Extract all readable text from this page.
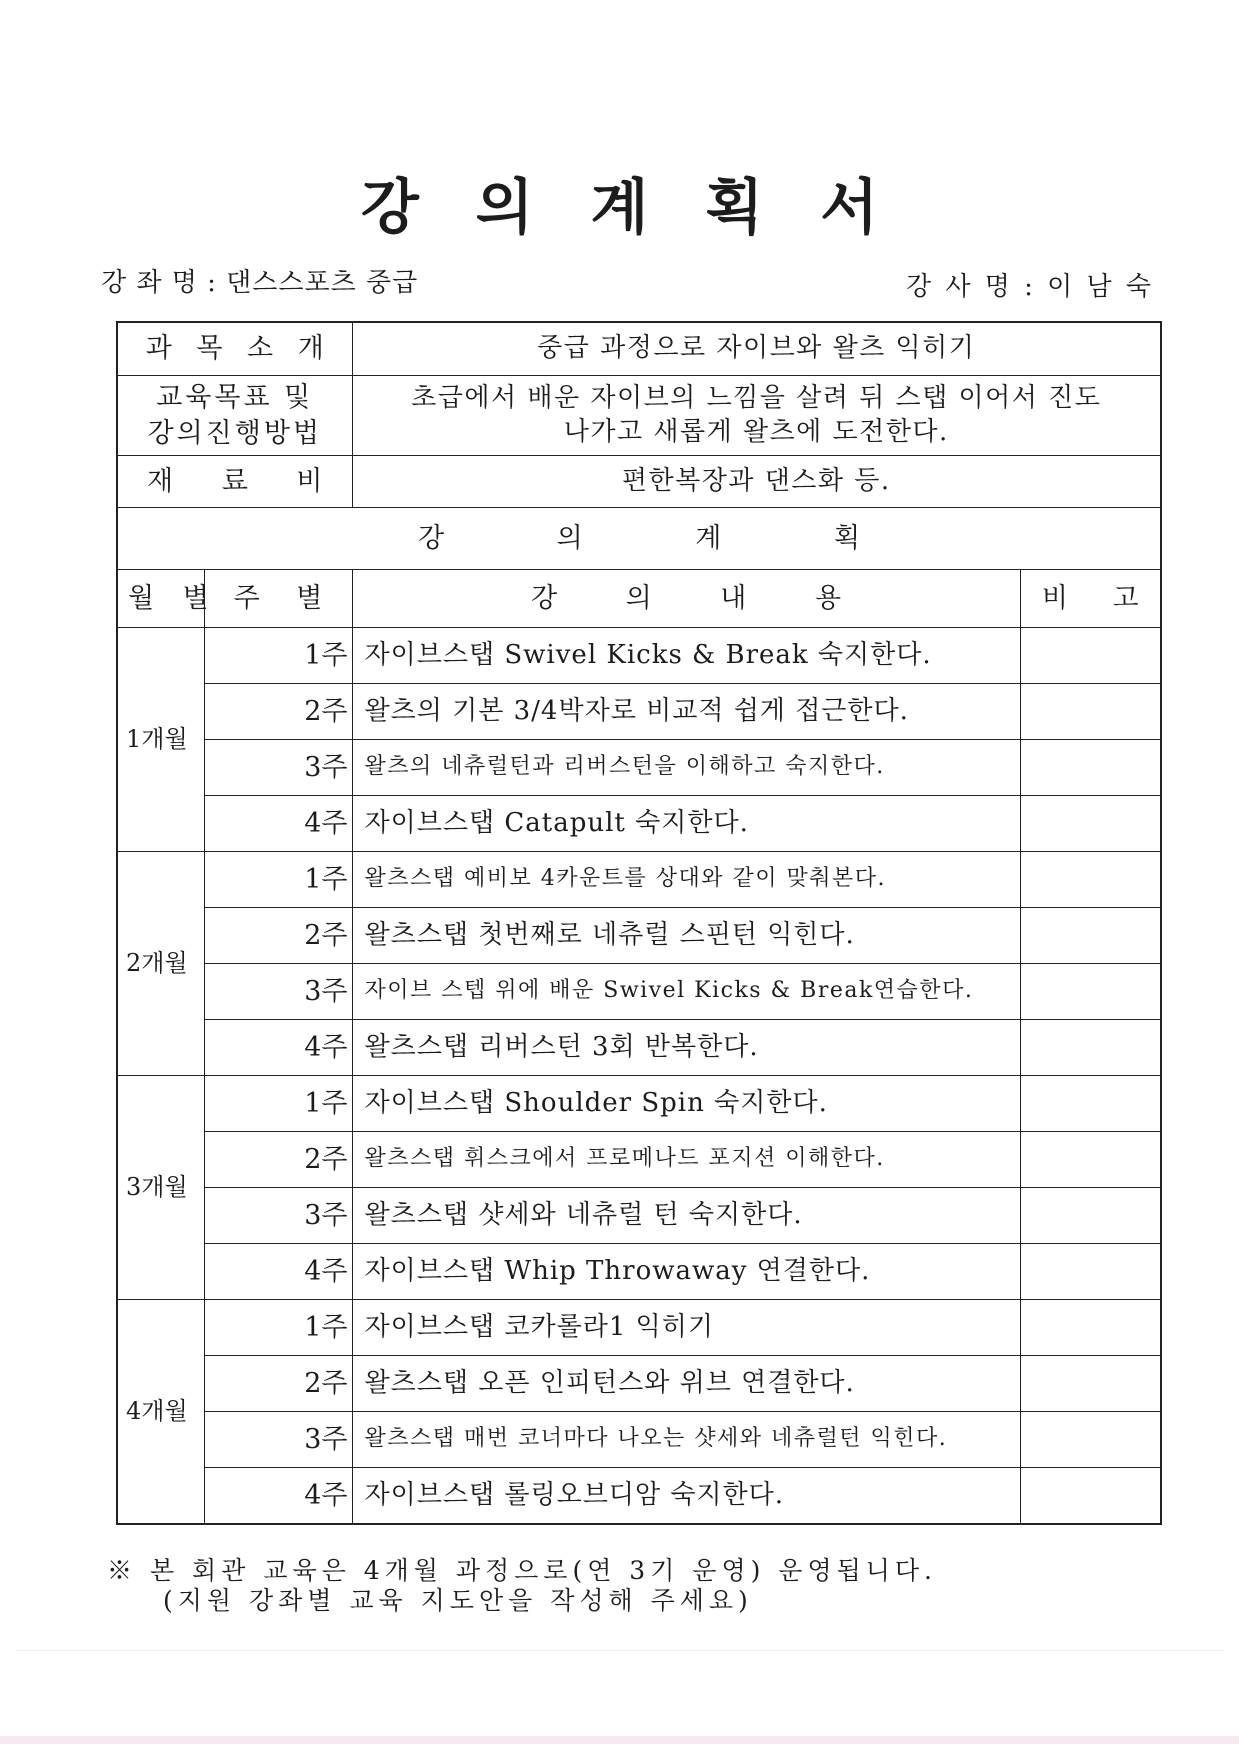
강 의 계 획 서
강 좌 명 : 댄스스포츠 중급	강 사 명 : 이 남 숙
과 목 소 개		중급 과정으로 자이브와 왈츠 익히기	

교육목표 및
강의진행방법		초급에서 배운 자이브의 느낌을 살려 뒤 스탭 이어서 진도
나가고 새롭게 왈츠에 도전한다.	

재 료 비		편한복장과 댄스화 등.	
강 의 계 획			
월 별	주 별	강 의 내 용	비 고
1개월	1주	자이브스탭 Swivel Kicks & Break 숙지한다.	
	2주	왈츠의 기본 3/4박자로 비교적 쉽게 접근한다.	
	3주	왈츠의 네츄럴턴과 리버스턴을 이해하고 숙지한다.	
	4주	자이브스탭 Catapult 숙지한다.	
2개월	1주	왈츠스탭 예비보 4카운트를 상대와 같이 맞춰본다.	
	2주	왈츠스탭 첫번째로 네츄럴 스핀턴 익힌다.	
	3주	자이브 스텝 위에 배운 Swivel Kicks & Break연습한다.	
	4주	왈츠스탭 리버스턴 3회 반복한다.	
3개월	1주	자이브스탭 Shoulder Spin 숙지한다.	
	2주	왈츠스탭 휘스크에서 프로메나드 포지션 이해한다.	
	3주	왈츠스탭 샷세와 네츄럴 턴 숙지한다.	
	4주	자이브스탭 Whip Throwaway 연결한다.	
4개월	1주	자이브스탭 코카롤라1 익히기	
	2주	왈츠스탭 오픈 인피턴스와 위브 연결한다.	
	3주	왈츠스탭 매번 코너마다 나오는 샷세와 네츄럴턴 익힌다.	
	4주	자이브스탭 롤링오브디암 숙지한다.	
※ 본 회관 교육은 4개월 과정으로(연 3기 운영) 운영됩니다.
(지원 강좌별 교육 지도안을 작성해 주세요)
